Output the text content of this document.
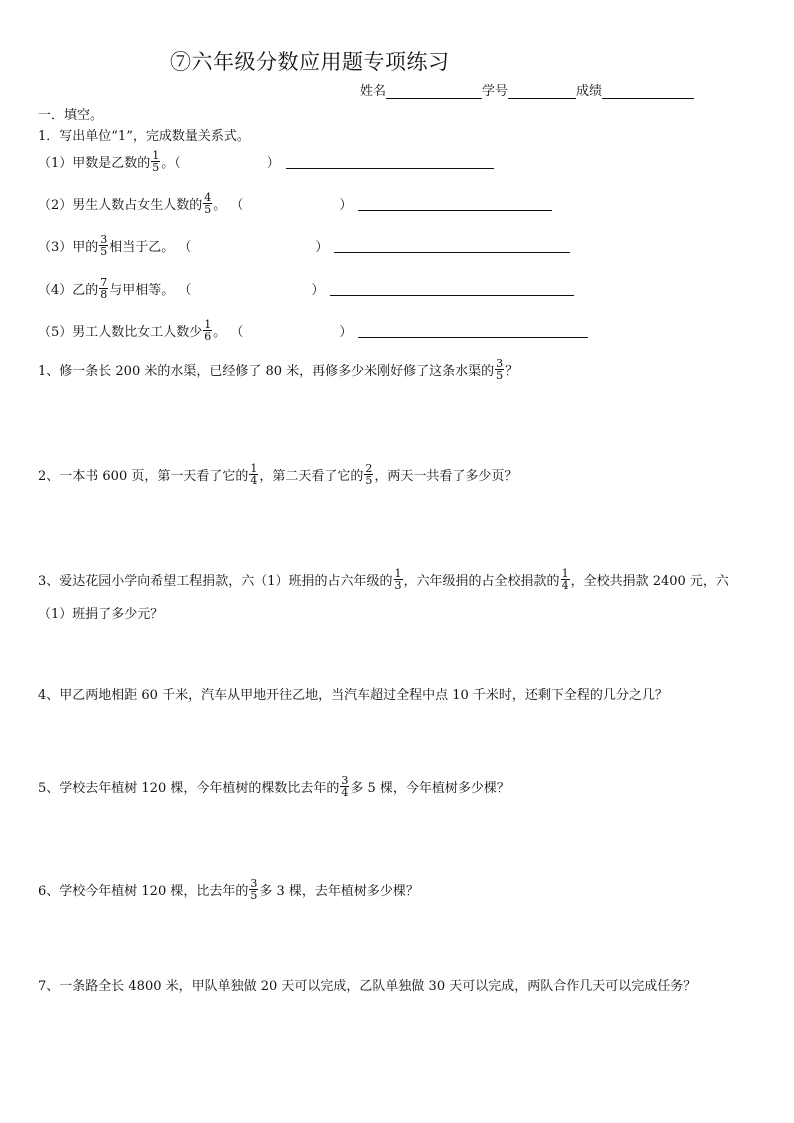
⑦六年级分数应用题专项练习
姓名	学号	成绩
一．填空。
1．写出单位“1”，完成数量关系式。
（1）甲数是乙数的 $\frac{1}{5}$ 。（	）
（2）男生人数占女生人数的 $\frac{4}{5}$ 。 （	）
（3）甲的 $\frac{3}{5}$ 相当于乙。 （	）
（4）乙的 $\frac{7}{8}$ 与甲相等。 （	）
（5）男工人数比女工人数少 $\frac{1}{6}$ 。 （	）
1、修一条长 200 米的水渠，已经修了 80 米，再修多少米刚好修了这条水渠的 $\frac{3}{5}$ ？
2、一本书 600 页，第一天看了它的 $\frac{1}{4}$ ，第二天看了它的 $\frac{2}{5}$ ，两天一共看了多少页？
3、爱达花园小学向希望工程捐款，六（1）班捐的占六年级的 $\frac{1}{3}$ ，六年级捐的占全校捐款的 $\frac{1}{4}$ ，全校共捐款 2400 元，六
（1）班捐了多少元？
4、甲乙两地相距 60 千米，汽车从甲地开往乙地，当汽车超过全程中点 10 千米时，还剩下全程的几分之几？
5、学校去年植树 120 棵，今年植树的棵数比去年的 $\frac{3}{4}$ 多 5 棵，今年植树多少棵？
6、学校今年植树 120 棵，比去年的 $\frac{3}{5}$ 多 3 棵，去年植树多少棵？
7、一条路全长 4800 米，甲队单独做 20 天可以完成，乙队单独做 30 天可以完成，两队合作几天可以完成任务？
